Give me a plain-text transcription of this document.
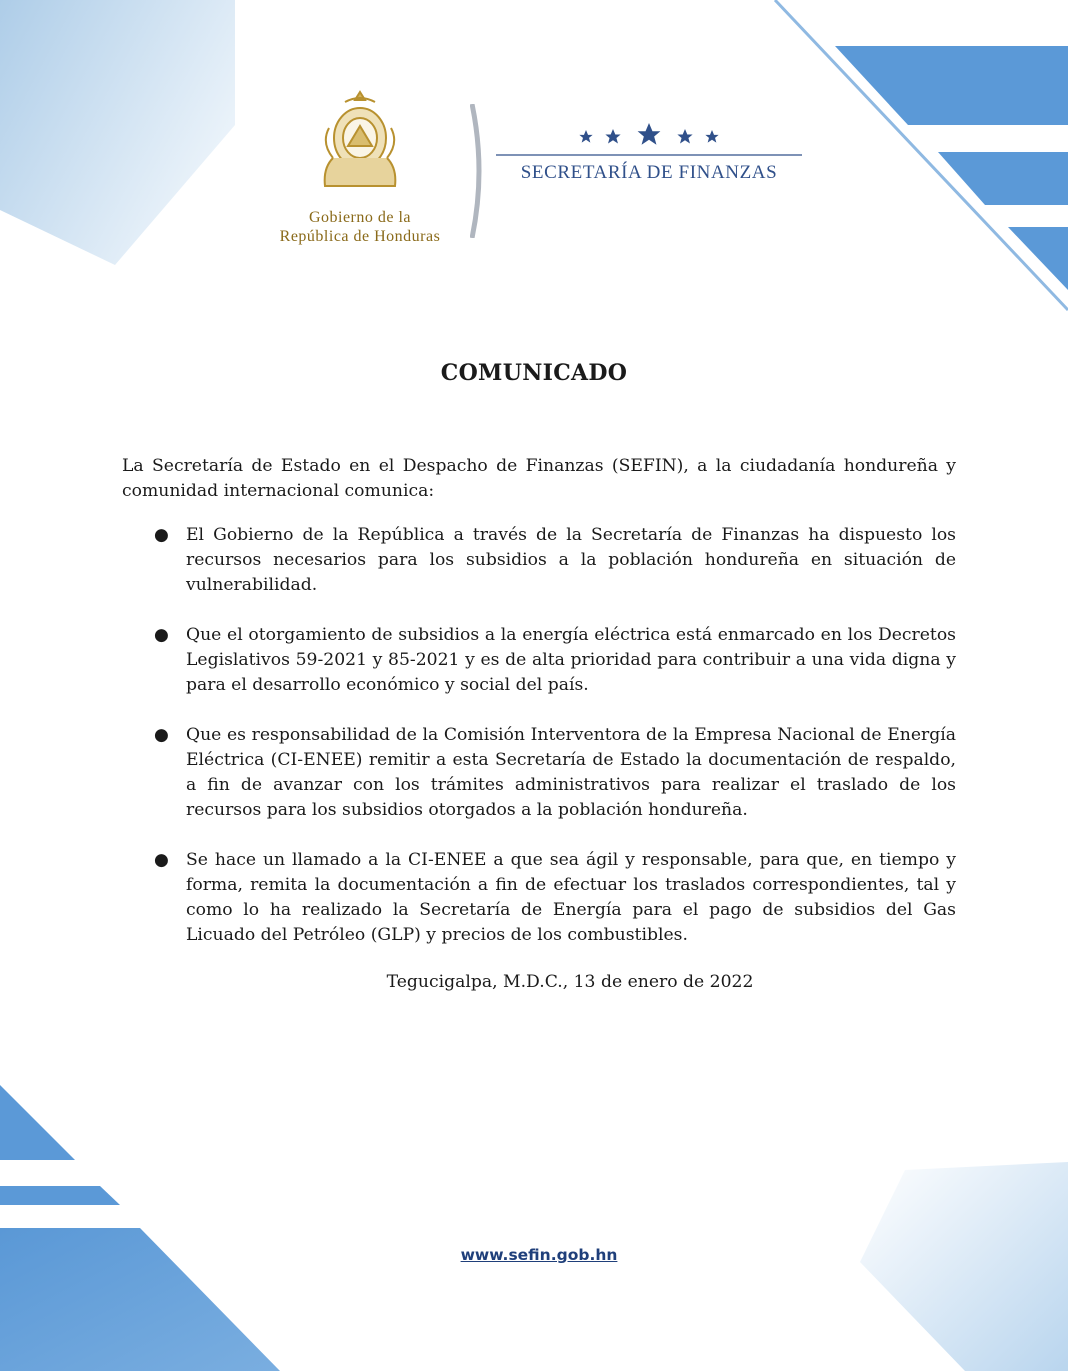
Gobierno de la
República de Honduras
SECRETARÍA DE FINANZAS
COMUNICADO

La Secretaría de Estado en el Despacho de Finanzas (SEFIN), a la ciudadanía hondureña y comunidad internacional comunica:

● El Gobierno de la República a través de la Secretaría de Finanzas ha dispuesto los recursos necesarios para los subsidios a la población hondureña en situación de vulnerabilidad.
● Que el otorgamiento de subsidios a la energía eléctrica está enmarcado en los Decretos Legislativos 59-2021 y 85-2021 y es de alta prioridad para contribuir a una vida digna y para el desarrollo económico y social del país.
● Que es responsabilidad de la Comisión Interventora de la Empresa Nacional de Energía Eléctrica (CI-ENEE) remitir a esta Secretaría de Estado la documentación de respaldo, a fin de avanzar con los trámites administrativos para realizar el traslado de los recursos para los subsidios otorgados a la población hondureña.
● Se hace un llamado a la CI-ENEE a que sea ágil y responsable, para que, en tiempo y forma, remita la documentación a fin de efectuar los traslados correspondientes, tal y como lo ha realizado la Secretaría de Energía para el pago de subsidios del Gas Licuado del Petróleo (GLP) y precios de los combustibles.
Tegucigalpa, M.D.C., 13 de enero de 2022
www.sefin.gob.hn
